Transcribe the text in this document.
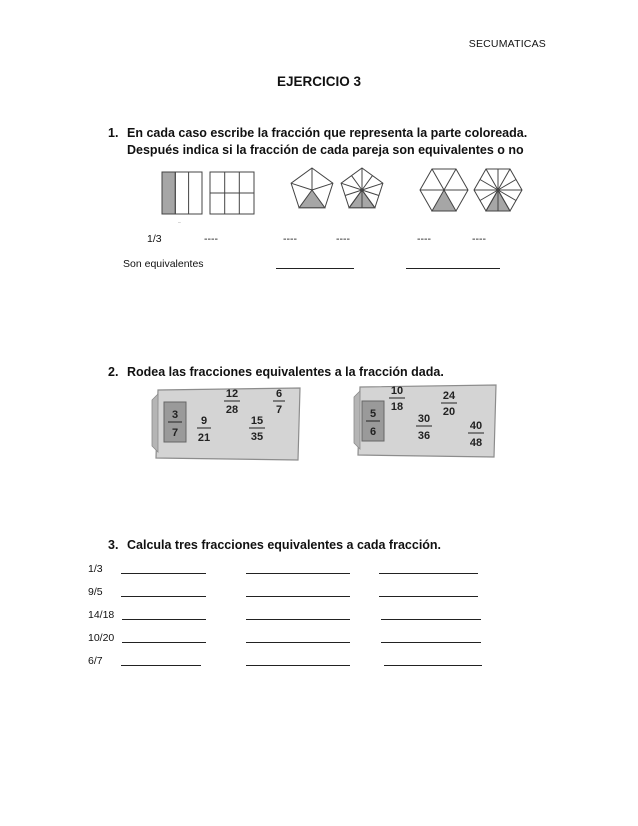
SECUMATICAS
EJERCICIO 3
1. En cada caso escribe la fracción que representa la parte coloreada.
Después indica si la fracción de cada pareja son equivalentes o no
–
1/3	----	----	----	----	----
Son equivalentes
2. Rodea las fracciones equivalentes a la fracción dada.
3
7
9
21
12
28
15
35
6
7	5
6
10
18
30
36
24
20
40
48
3. Calcula tres fracciones equivalentes a cada fracción.
1/3
9/5
14/18
10/20
6/7
